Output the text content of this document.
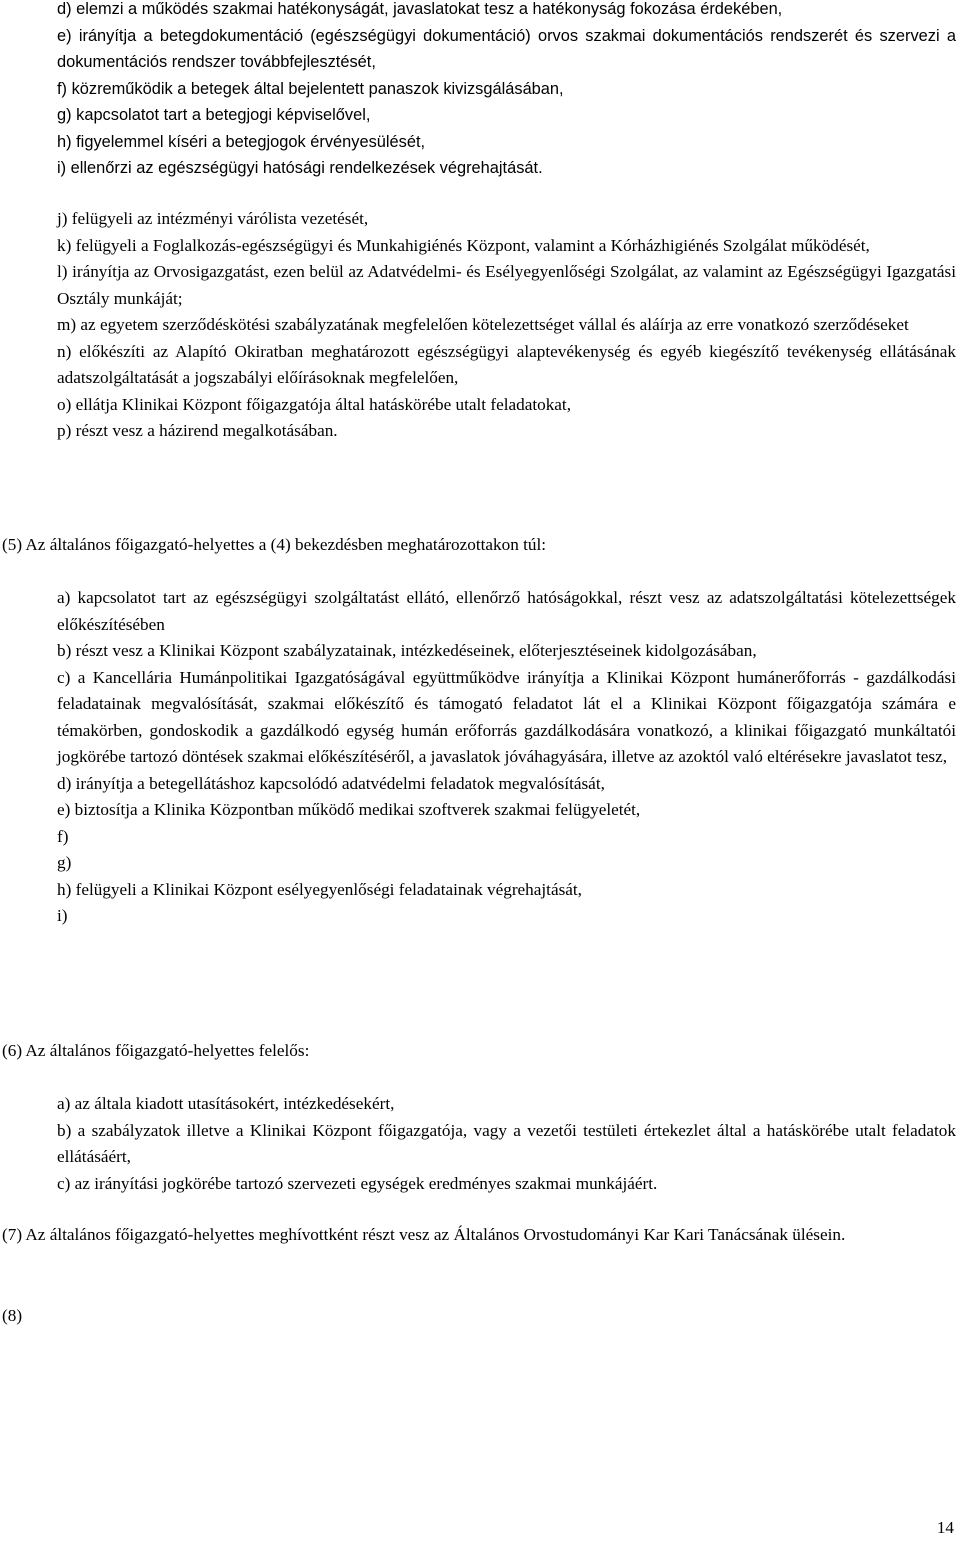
d) elemzi a működés szakmai hatékonyságát, javaslatokat tesz a hatékonyság fokozása érdekében,
e) irányítja a betegdokumentáció (egészségügyi dokumentáció) orvos szakmai dokumentációs rendszerét és szervezi a dokumentációs rendszer továbbfejlesztését,
f) közreműködik a betegek által bejelentett panaszok kivizsgálásában,
g) kapcsolatot tart a betegjogi képviselővel,
h) figyelemmel kíséri a betegjogok érvényesülését,
i) ellenőrzi az egészségügyi hatósági rendelkezések végrehajtását.
j) felügyeli az intézményi várólista vezetését,
k) felügyeli a Foglalkozás-egészségügyi és Munkahigiénés Központ, valamint a Kórházhigiénés Szolgálat működését,
l) irányítja az Orvosigazgatást, ezen belül az Adatvédelmi- és Esélyegyenlőségi Szolgálat, az valamint az Egészségügyi Igazgatási Osztály munkáját;
m) az egyetem szerződéskötési szabályzatának megfelelően kötelezettséget vállal és aláírja az erre vonatkozó szerződéseket
n) előkészíti az Alapító Okiratban meghatározott egészségügyi alaptevékenység és egyéb kiegészítő tevékenység ellátásának adatszolgáltatását a jogszabályi előírásoknak megfelelően,
o) ellátja Klinikai Központ főigazgatója által hatáskörébe utalt feladatokat,
p) részt vesz a házirend megalkotásában.

(5) Az általános főigazgató-helyettes a (4) bekezdésben meghatározottakon túl:

a) kapcsolatot tart az egészségügyi szolgáltatást ellátó, ellenőrző hatóságokkal, részt vesz az adatszolgáltatási kötelezettségek előkészítésében
b) részt vesz a Klinikai Központ szabályzatainak, intézkedéseinek, előterjesztéseinek kidolgozásában,
c) a Kancellária Humánpolitikai Igazgatóságával együttműködve irányítja a Klinikai Központ humánerőforrás - gazdálkodási feladatainak megvalósítását, szakmai előkészítő és támogató feladatot lát el a Klinikai Központ főigazgatója számára e témakörben, gondoskodik a gazdálkodó egység humán erőforrás gazdálkodására vonatkozó, a klinikai főigazgató munkáltatói jogkörébe tartozó döntések szakmai előkészítéséről, a javaslatok jóváhagyására, illetve az azoktól való eltérésekre javaslatot tesz,
d) irányítja a betegellátáshoz kapcsolódó adatvédelmi feladatok megvalósítását,
e) biztosítja a Klinika Központban működő medikai szoftverek szakmai felügyeletét,
f)
g)
h) felügyeli a Klinikai Központ esélyegyenlőségi feladatainak végrehajtását,
i)

(6) Az általános főigazgató-helyettes felelős:

a) az általa kiadott utasításokért, intézkedésekért,
b) a szabályzatok illetve a Klinikai Központ főigazgatója, vagy a vezetői testületi értekezlet által a hatáskörébe utalt feladatok ellátásáért,
c) az irányítási jogkörébe tartozó szervezeti egységek eredményes szakmai munkájáért.

(7) Az általános főigazgató-helyettes meghívottként részt vesz az Általános Orvostudományi Kar Kari Tanácsának ülésein.

(8)

14
